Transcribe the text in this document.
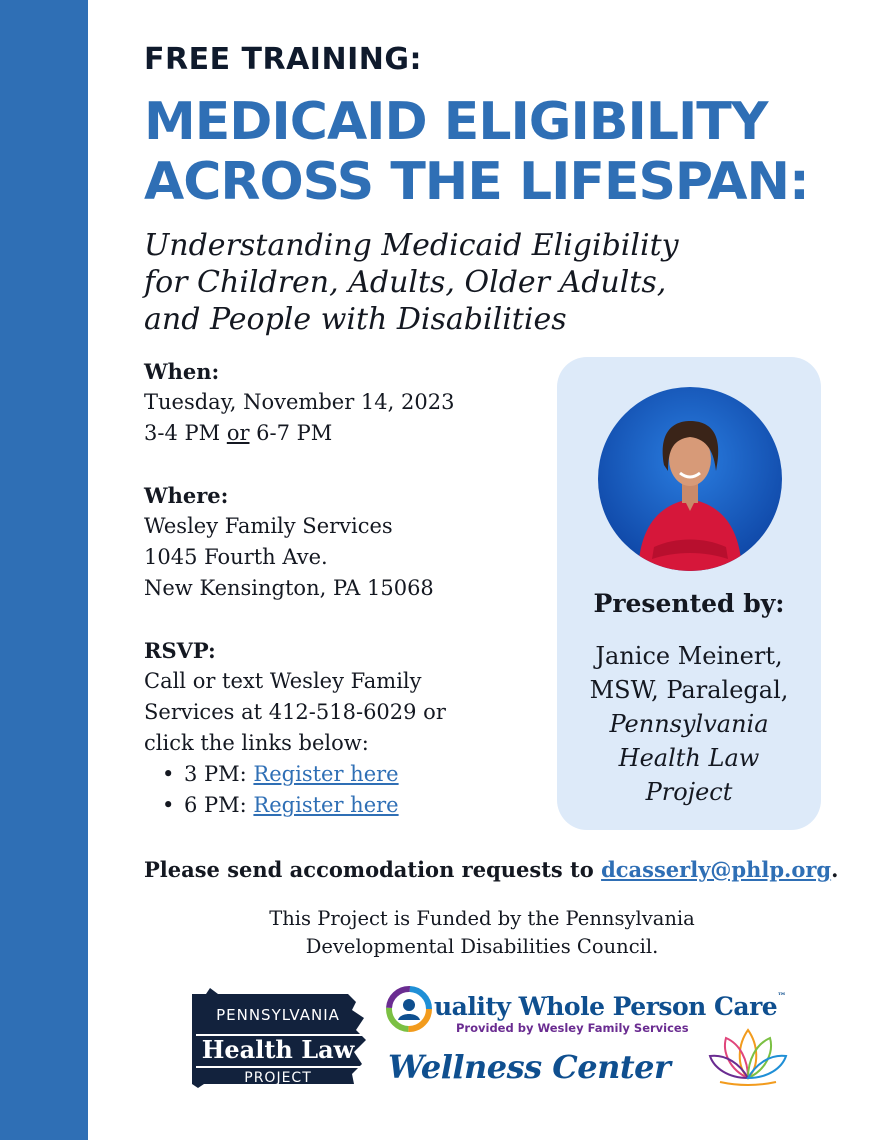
FREE TRAINING:
MEDICAID ELIGIBILITY
ACROSS THE LIFESPAN:
Understanding Medicaid Eligibility
for Children, Adults, Older Adults,
and People with Disabilities
When:
Tuesday, November 14, 2023
3-4 PM or 6-7 PM
Where:
Wesley Family Services
1045 Fourth Ave.
New Kensington, PA 15068
RSVP:
Call or text Wesley Family
Services at 412-518-6029 or
click the links below:
• 3 PM: Register here
• 6 PM: Register here
Presented by:
Janice Meinert,
MSW, Paralegal,
Pennsylvania
Health Law
Project
Please send accomodation requests to dcasserly@phlp.org.
This Project is Funded by the Pennsylvania
Developmental Disabilities Council.
PENNSYLVANIA
Health Law
PROJECT
uality Whole Person Care™
Provided by Wesley Family Services
Wellness Center
